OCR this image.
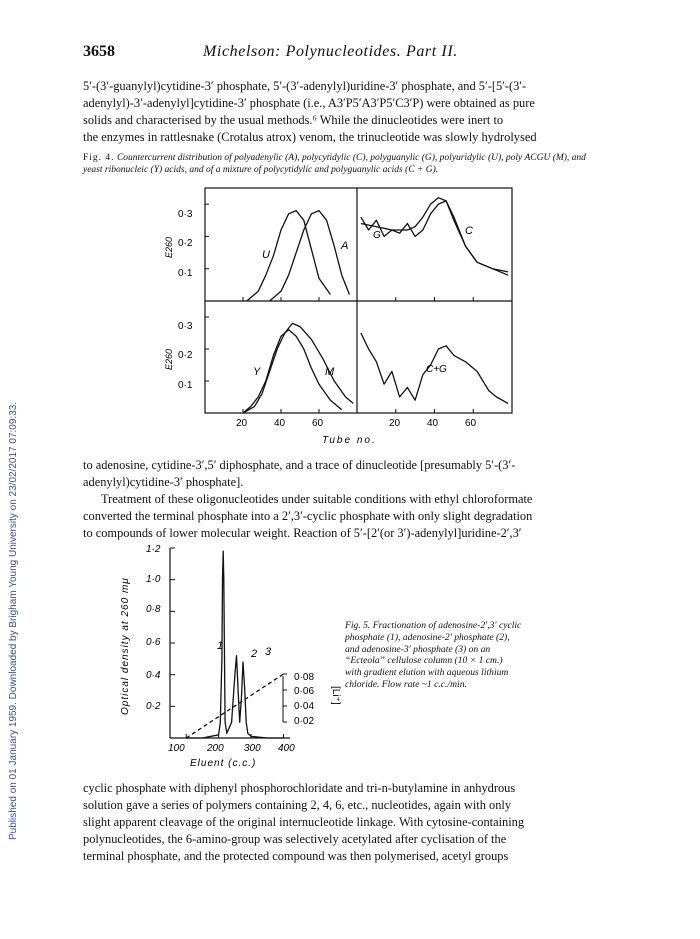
Published on 01 January 1959. Downloaded by Brigham Young University on 23/02/2017 07:09:33.
3658	Michelson: Polynucleotides. Part II.

5′-(3′-guanylyl)cytidine-3′ phosphate, 5′-(3′-adenylyl)uridine-3′ phosphate, and 5′-[5′-(3′-
adenylyl)-3′-adenylyl]cytidine-3′ phosphate (i.e., A3′P5′A3′P5′C3′P) were obtained as pure
solids and characterised by the usual methods.⁶ While the dinucleotides were inert to
the enzymes in rattlesnake (Crotalus atrox) venom, the trinucleotide was slowly hydrolysed

Fig. 4. Countercurrent distribution of polyadenylic (A), polycytidylic (C), polyguanylic (G), polyuridylic (U), poly ACGU (M), and yeast ribonucleic (Y) acids, and of a mixture of polycytidylic and polyguanylic acids (C + G).
0·3
0·2
0·1
0·3
0·2
0·1
E260
E260
20	40	60	20	40	60
Tube no.
U
A
G	C
Y	M	C+G

to adenosine, cytidine-3′,5′ diphosphate, and a trace of dinucleotide [presumably 5′-(3′-
adenylyl)cytidine-3′ phosphate].
Treatment of these oligonucleotides under suitable conditions with ethyl chloroformate
converted the terminal phosphate into a 2′,3′-cyclic phosphate with only slight degradation
to compounds of lower molecular weight. Reaction of 5′-[2′(or 3′)-adenylyl]uridine-2′,3′

1·2
1·0
0·8
0·6
0·4
0·2
Optical density at 260 mμ	0·08
0·06
0·04
0·02
[Li⁺]
100 200 300 400
Eluent (c.c.)
1
2 3
Fig. 5. Fractionation of adenosine-2′,3′ cyclic
phosphate (1), adenosine-2′ phosphate (2),
and adenosine-3′ phosphate (3) on an
“Ecteola” cellulose column (10 × 1 cm.)
with gradient elution with aqueous lithium
chloride. Flow rate ~1 c.c./min.

cyclic phosphate with diphenyl phosphorochloridate and tri-n-butylamine in anhydrous
solution gave a series of polymers containing 2, 4, 6, etc., nucleotides, again with only
slight apparent cleavage of the original internucleotide linkage. With cytosine-containing
polynucleotides, the 6-amino-group was selectively acetylated after cyclisation of the
terminal phosphate, and the protected compound was then polymerised, acetyl groups
